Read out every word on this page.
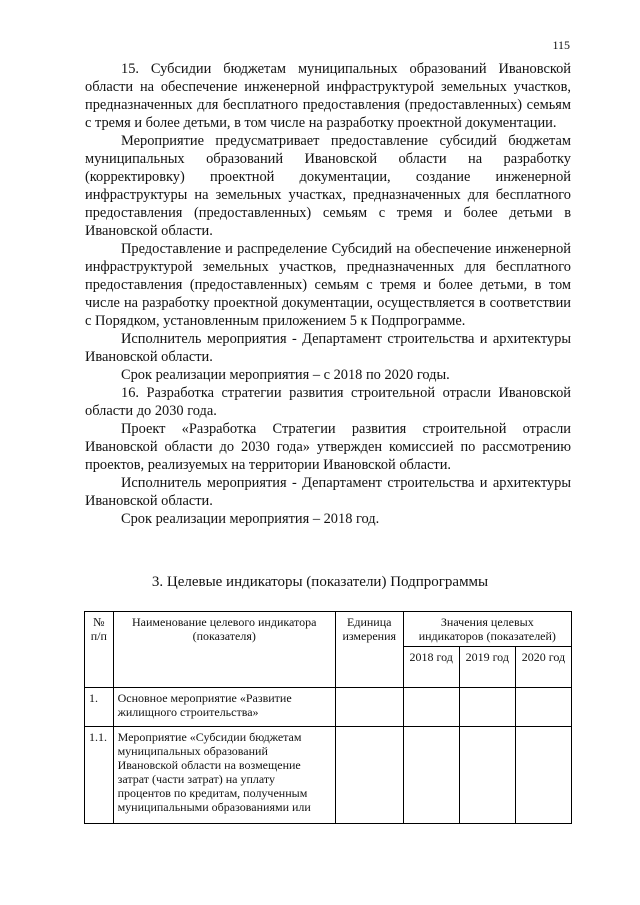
115

15. Субсидии бюджетам муниципальных образований Ивановской области на обеспечение инженерной инфраструктурой земельных участков, предназначенных для бесплатного предоставления (предоставленных) семьям с тремя и более детьми, в том числе на разработку проектной документации.

Мероприятие предусматривает предоставление субсидий бюджетам муниципальных образований Ивановской области на разработку (корректировку) проектной документации, создание инженерной инфраструктуры на земельных участках, предназначенных для бесплатного предоставления (предоставленных) семьям с тремя и более детьми в Ивановской области.

Предоставление и распределение Субсидий на обеспечение инженерной инфраструктурой земельных участков, предназначенных для бесплатного предоставления (предоставленных) семьям с тремя и более детьми, в том числе на разработку проектной документации, осуществляется в соответствии с Порядком, установленным приложением 5 к Подпрограмме.

Исполнитель мероприятия - Департамент строительства и архитектуры Ивановской области.

Срок реализации мероприятия – с 2018 по 2020 годы.

16. Разработка стратегии развития строительной отрасли Ивановской области до 2030 года.

Проект «Разработка Стратегии развития строительной отрасли Ивановской области до 2030 года» утвержден комиссией по рассмотрению проектов, реализуемых на территории Ивановской области.

Исполнитель мероприятия - Департамент строительства и архитектуры Ивановской области.

Срок реализации мероприятия – 2018 год.

3. Целевые индикаторы (показатели) Подпрограммы
№ п/п	Наименование целевого индикатора (показателя)	Единица измерения	Значения целевых индикаторов (показателей)		
			2018 год	2019 год	2020 год
1.	Основное мероприятие «Развитие жилищного строительства»				
1.1.	Мероприятие «Субсидии бюджетам муниципальных образований Ивановской области на возмещение затрат (части затрат) на уплату процентов по кредитам, полученным муниципальными образованиями или				
